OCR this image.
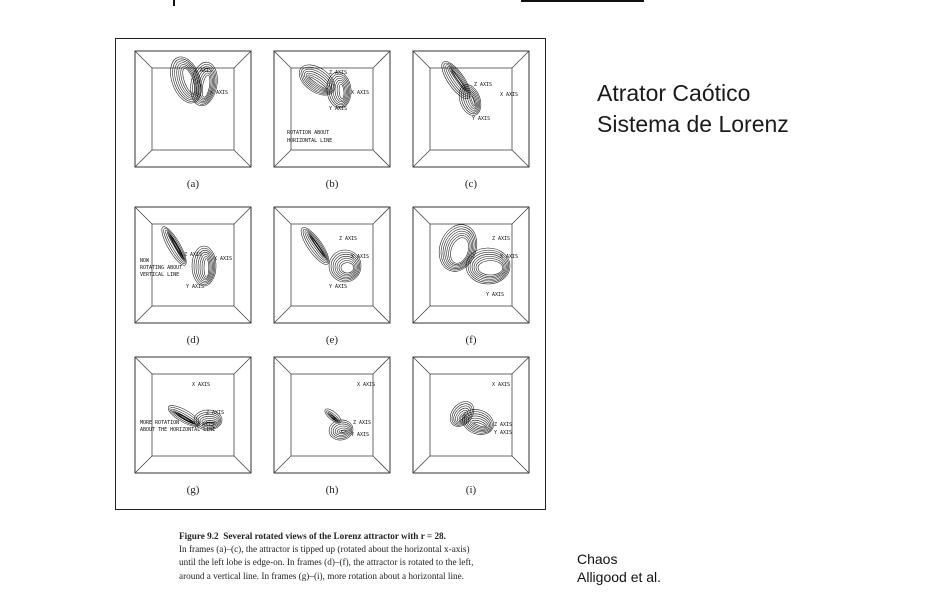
Z AXIS
X AXIS
(a)
Z AXIS
X AXIS
Y AXIS
ROTATION ABOUT
HORIZONTAL LINE
(b)
Z AXIS
X AXIS
Y AXIS
(c)
Z AXIS
X AXIS
NOW
ROTATING ABOUT
VERTICAL LINE
Y AXIS
(d)
Z AXIS
X AXIS
Y AXIS
(e)
Z AXIS
X AXIS
Y AXIS
(f)
X AXIS
Z AXIS
MORE ROTATION
ABOUT THE HORIZONTAL LINE
Y AXIS
(g)
X AXIS
Z AXIS
Y AXIS
(h)
X AXIS
Z AXIS
Y AXIS
(i)
Atrator Caótico
Sistema de Lorenz
Figure 9.2 Several rotated views of the Lorenz attractor with r = 28.
In frames (a)–(c), the attractor is tipped up (rotated about the horizontal x-axis)
until the left lobe is edge-on. In frames (d)–(f), the attractor is rotated to the left,
around a vertical line. In frames (g)–(i), more rotation about a horizontal line.
Chaos
Alligood et al.
